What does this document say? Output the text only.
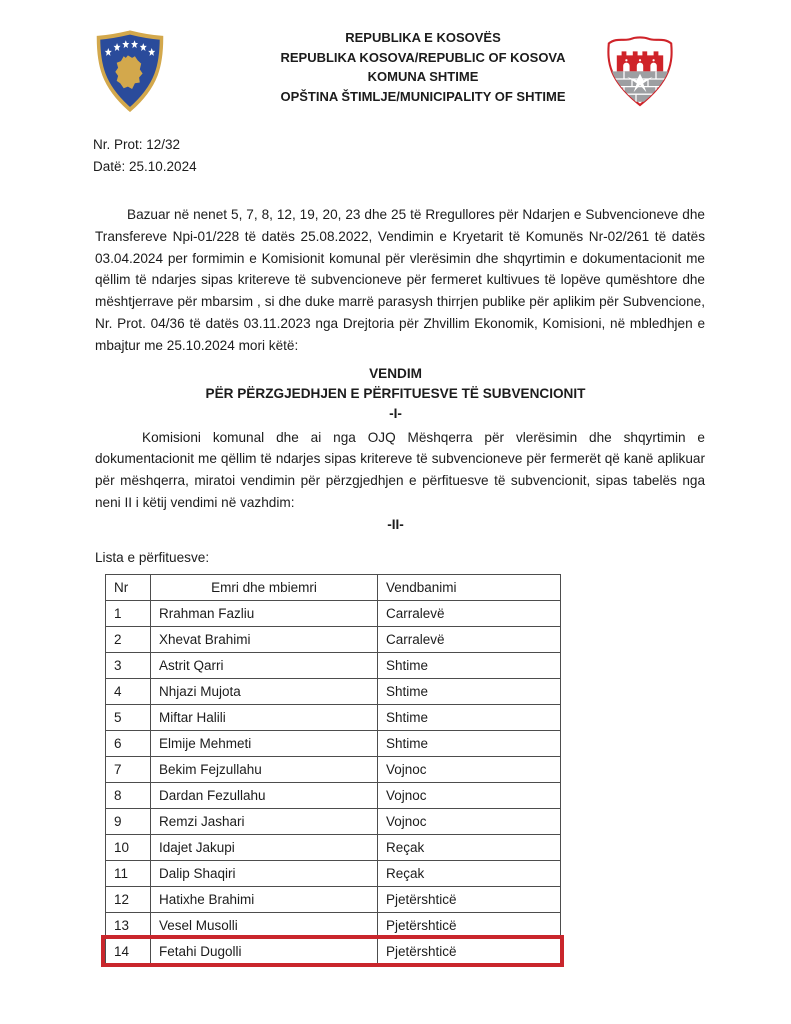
REPUBLIKA E KOSOVËS
REPUBLIKA KOSOVA/REPUBLIC OF KOSOVA
KOMUNA SHTIME
OPŠTINA ŠTIMLJE/MUNICIPALITY OF SHTIME
Nr. Prot: 12/32
Datë: 25.10.2024

Bazuar në nenet 5, 7, 8, 12, 19, 20, 23 dhe 25 të Rregullores për Ndarjen e Subvencioneve dhe Transfereve Npi-01/228 të datës 25.08.2022, Vendimin e Kryetarit të Komunës Nr-02/261 të datës 03.04.2024 per formimin e Komisionit komunal për vlerësimin dhe shqyrtimin e dokumentacionit me qëllim të ndarjes sipas kritereve të subvencioneve për fermeret kultivues të lopëve qumështore dhe mështjerrave për mbarsim , si dhe duke marrë parasysh thirrjen publike për aplikim për Subvencione, Nr. Prot. 04/36 të datës 03.11.2023 nga Drejtoria për Zhvillim Ekonomik, Komisioni, në mbledhjen e mbajtur me 25.10.2024 mori këtë:

VENDIM
PËR PËRZGJEDHJEN E PËRFITUESVE TË SUBVENCIONIT
-I-

Komisioni komunal dhe ai nga OJQ Mëshqerra për vlerësimin dhe shqyrtimin e dokumentacionit me qëllim të ndarjes sipas kritereve të subvencioneve për fermerët që kanë aplikuar për mëshqerra, miratoi vendimin për përzgjedhjen e përfituesve të subvencionit, sipas tabelës nga neni II i këtij vendimi në vazhdim:

-II-
Lista e përfituesve:
Nr	Emri dhe mbiemri	Vendbanimi
1	Rrahman Fazliu	Carralevë
2	Xhevat Brahimi	Carralevë
3	Astrit Qarri	Shtime
4	Nhjazi Mujota	Shtime
5	Miftar Halili	Shtime
6	Elmije Mehmeti	Shtime
7	Bekim Fejzullahu	Vojnoc
8	Dardan Fezullahu	Vojnoc
9	Remzi Jashari	Vojnoc
10	Idajet Jakupi	Reçak
11	Dalip Shaqiri	Reçak
12	Hatixhe Brahimi	Pjetërshticë
13	Vesel Musolli	Pjetërshticë
14	Fetahi Dugolli	Pjetërshticë
